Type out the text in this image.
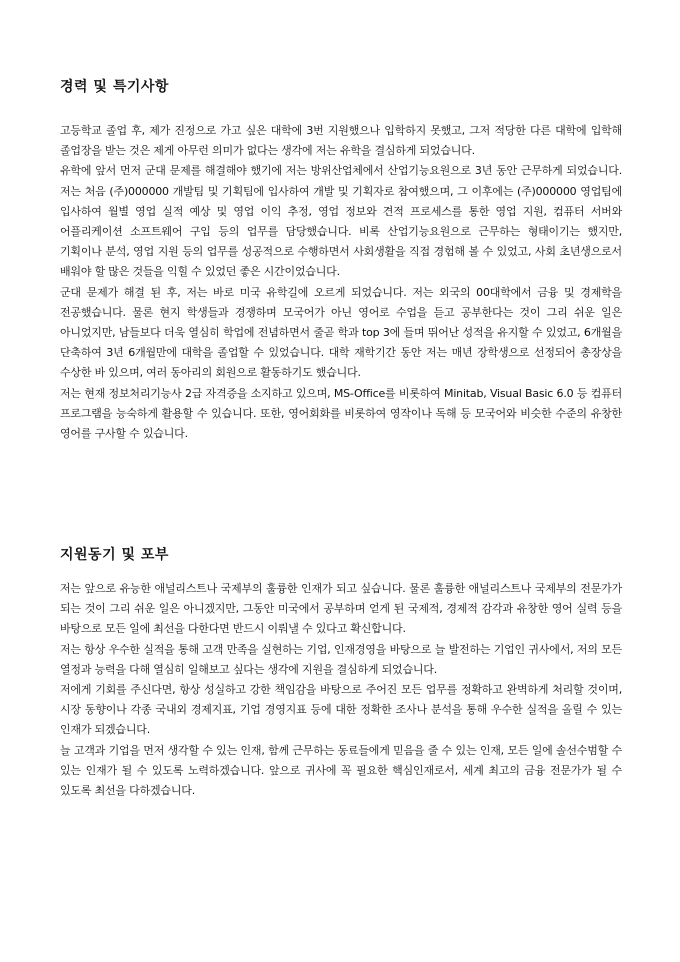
경력 및 특기사항

고등학교 졸업 후, 제가 진정으로 가고 싶은 대학에 3번 지원했으나 입학하지 못했고, 그저 적당한 다른 대학에 입학해 졸업장을 받는 것은 제게 아무런 의미가 없다는 생각에 저는 유학을 결심하게 되었습니다.

유학에 앞서 먼저 군대 문제를 해결해야 했기에 저는 방위산업체에서 산업기능요원으로 3년 동안 근무하게 되었습니다. 저는 처음 (주)000000 개발팀 및 기획팀에 입사하여 개발 및 기획자로 참여했으며, 그 이후에는 (주)000000 영업팀에 입사하여 월별 영업 실적 예상 및 영업 이익 추정, 영업 정보와 견적 프로세스를 통한 영업 지원, 컴퓨터 서버와 어플리케이션 소프트웨어 구입 등의 업무를 담당했습니다. 비록 산업기능요원으로 근무하는 형태이기는 했지만, 기획이나 분석, 영업 지원 등의 업무를 성공적으로 수행하면서 사회생활을 직접 경험해 볼 수 있었고, 사회 초년생으로서 배워야 할 많은 것들을 익힐 수 있었던 좋은 시간이었습니다.

군대 문제가 해결 된 후, 저는 바로 미국 유학길에 오르게 되었습니다. 저는 외국의 00대학에서 금융 및 경제학을 전공했습니다. 물론 현지 학생들과 경쟁하며 모국어가 아닌 영어로 수업을 듣고 공부한다는 것이 그리 쉬운 일은 아니었지만, 남들보다 더욱 열심히 학업에 전념하면서 줄곧 학과 top 3에 들며 뛰어난 성적을 유지할 수 있었고, 6개월을 단축하여 3년 6개월만에 대학을 졸업할 수 있었습니다. 대학 재학기간 동안 저는 매년 장학생으로 선정되어 총장상을 수상한 바 있으며, 여러 동아리의 회원으로 활동하기도 했습니다.

저는 현재 정보처리기능사 2급 자격증을 소지하고 있으며, MS-Office를 비롯하여 Minitab, Visual Basic 6.0 등 컴퓨터 프로그램을 능숙하게 활용할 수 있습니다. 또한, 영어회화를 비롯하여 영작이나 독해 등 모국어와 비슷한 수준의 유창한 영어를 구사할 수 있습니다.

지원동기 및 포부

저는 앞으로 유능한 애널리스트나 국제부의 훌륭한 인재가 되고 싶습니다. 물론 훌륭한 애널리스트나 국제부의 전문가가 되는 것이 그리 쉬운 일은 아니겠지만, 그동안 미국에서 공부하며 얻게 된 국제적, 경제적 감각과 유창한 영어 실력 등을 바탕으로 모든 일에 최선을 다한다면 반드시 이뤄낼 수 있다고 확신합니다.

저는 항상 우수한 실적을 통해 고객 만족을 실현하는 기업, 인재경영을 바탕으로 늘 발전하는 기업인 귀사에서, 저의 모든 열정과 능력을 다해 열심히 일해보고 싶다는 생각에 지원을 결심하게 되었습니다.

저에게 기회를 주신다면, 항상 성실하고 강한 책임감을 바탕으로 주어진 모든 업무를 정확하고 완벽하게 처리할 것이며, 시장 동향이나 각종 국내외 경제지표, 기업 경영지표 등에 대한 정확한 조사나 분석을 통해 우수한 실적을 올릴 수 있는 인재가 되겠습니다.

늘 고객과 기업을 먼저 생각할 수 있는 인재, 함께 근무하는 동료들에게 믿음을 줄 수 있는 인재, 모든 일에 솔선수범할 수 있는 인재가 될 수 있도록 노력하겠습니다. 앞으로 귀사에 꼭 필요한 핵심인재로서, 세계 최고의 금융 전문가가 될 수 있도록 최선을 다하겠습니다.
